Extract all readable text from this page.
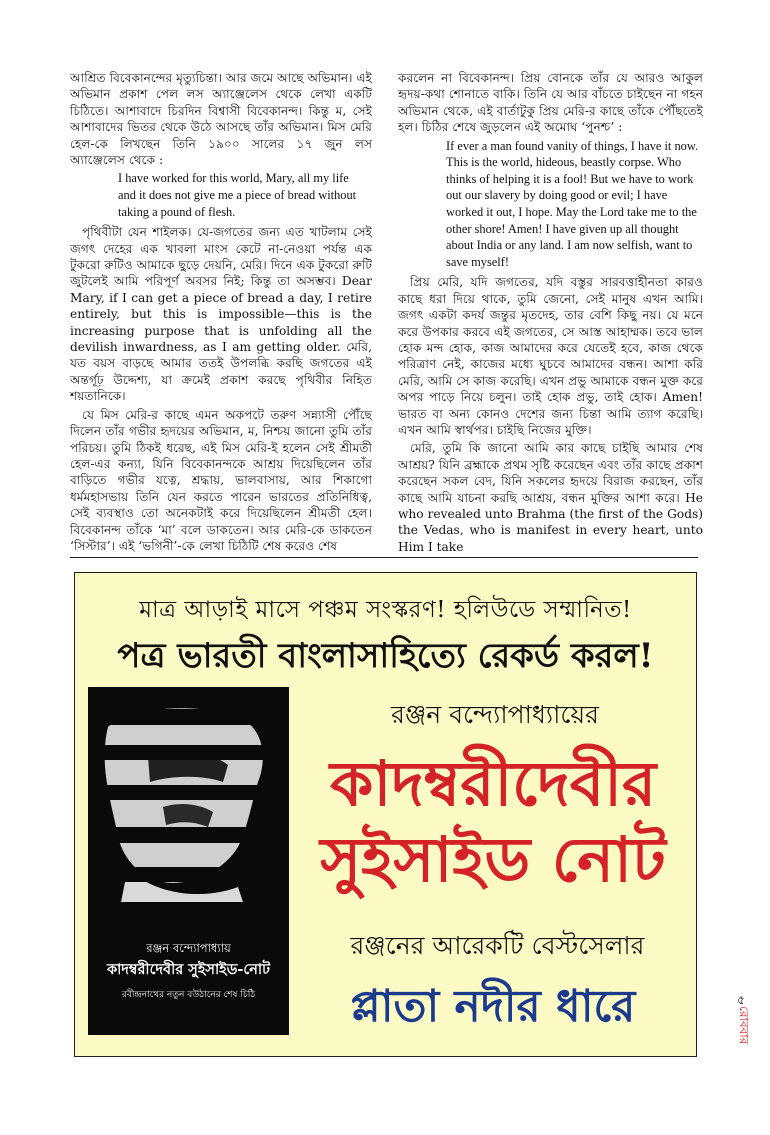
আশ্রিত বিবেকানন্দের মৃত্যুচিন্তা। আর জমে আছে অভিমান। এই অভিমান প্রকাশ পেল লস অ্যাঞ্জেলেস থেকে লেখা একটি চিঠিতে। আশাবাদে চিরদিন বিশ্বাসী বিবেকানন্দ। কিন্তু ম, সেই আশাবাদের ভিতর থেকে উঠে আসছে তাঁর অভিমান। মিস মেরি হেল-কে লিখছেন তিনি ১৯০০ সালের ১৭ জুন লস অ্যাঞ্জেলেস থেকে :

I have worked for this world, Mary, all my life and it does not give me a piece of bread without taking a pound of flesh.

পৃথিবীটা যেন শাইলক। যে-জগতের জন্য এত খাটলাম সেই জগৎ দেহের এক খাবলা মাংস কেটে না-নেওয়া পর্যন্ত এক টুকরো রুটিও আমাকে ছুড়ে দেয়নি, মেরি। দিনে এক টুকরো রুটি জুটলেই আমি পরিপূর্ণ অবসর নিই; কিন্তু তা অসম্ভব। Dear Mary, if I can get a piece of bread a day, I retire entirely, but this is impossible—this is the increasing purpose that is unfolding all the devilish inwardness, as I am getting older. মেরি, যত বয়স বাড়ছে আমার ততই উপলব্ধি করছি জগতের এই অন্তর্গূঢ় উদ্দেশ্য, যা ক্রমেই প্রকাশ করছে পৃথিবীর নিহিত শয়তানিকে।

যে মিস মেরি-র কাছে এমন অকপটে তরুণ সন্ন্যাসী পৌঁছে দিলেন তাঁর গভীর হৃদয়ের অভিমান, ম, নিশ্চয় জানো তুমি তাঁর পরিচয়। তুমি ঠিকই ধরেছ, এই মিস মেরি-ই হলেন সেই শ্রীমতী হেল-এর কন্যা, যিনি বিবেকানন্দকে আশ্রয় দিয়েছিলেন তাঁর বাড়িতে গভীর যত্নে, শ্রদ্ধায়, ভালবাসায়, আর শিকাগো ধর্মমহাসভায় তিনি যেন করতে পারেন ভারতের প্রতিনিধিত্ব, সেই ব্যবস্থাও তো অনেকটাই করে দিয়েছিলেন শ্রীমতী হেল। বিবেকানন্দ তাঁকে ‘মা’ বলে ডাকতেন। আর মেরি-কে ডাকতেন ‘সিস্টার’। এই ‘ভগিনী’-কে লেখা চিঠিটি শেষ করেও শেষ

করলেন না বিবেকানন্দ। প্রিয় বোনকে তাঁর যে আরও আকুল হৃদয়-কথা শোনাতে বাকি। তিনি যে আর বাঁচতে চাইছেন না গহন অভিমান থেকে, এই বার্তাটুকু প্রিয় মেরি-র কাছে তাঁকে পৌঁছতেই হল। চিঠির শেষে জুড়লেন এই অমোঘ ‘পুনশ্চ’ :

If ever a man found vanity of things, I have it now. This is the world, hideous, beastly corpse. Who thinks of helping it is a fool! But we have to work out our slavery by doing good or evil; I have worked it out, I hope. May the Lord take me to the other shore! Amen! I have given up all thought about India or any land. I am now selfish, want to save myself!

প্রিয় মেরি, যদি জগতের, যদি বস্তুর সারবত্তাহীনতা কারও কাছে ধরা দিয়ে থাকে, তুমি জেনো, সেই মানুষ এখন আমি। জগৎ একটা কদর্য জন্তুর মৃতদেহ, তার বেশি কিছু নয়। যে মনে করে উপকার করবে এই জগতের, সে আস্ত আহাম্মক। তবে ভাল হোক মন্দ হোক, কাজ আমাদের করে যেতেই হবে, কাজ থেকে পরিত্রাণ নেই, কাজের মধ্যে ঘুচবে আমাদের বন্ধন। আশা করি মেরি, আমি সে কাজ করেছি। এখন প্রভু আমাকে বন্ধন মুক্ত করে অপর পাড়ে নিয়ে চলুন। তাই হোক প্রভু, তাই হোক। Amen! ভারত বা অন্য কোনও দেশের জন্য চিন্তা আমি ত্যাগ করেছি। এখন আমি স্বার্থপর। চাইছি নিজের মুক্তি।

মেরি, তুমি কি জানো আমি কার কাছে চাইছি আমার শেষ আশ্রয়? যিনি ব্রহ্মাকে প্রথম সৃষ্টি করেছেন এবং তাঁর কাছে প্রকাশ করেছেন সকল বেদ, যিনি সকলের হৃদয়ে বিরাজ করছেন, তাঁর কাছে আমি যাচনা করছি আশ্রয়, বন্ধন মুক্তির আশা করে। He who revealed unto Brahma (the first of the Gods) the Vedas, who is manifest in every heart, unto Him I take

মাত্র আড়াই মাসে পঞ্চম সংস্করণ! হলিউডে সম্মানিত!
পত্র ভারতী বাংলাসাহিত্যে রেকর্ড করল!
রঞ্জন বন্দ্যোপাধ্যায়ের
কাদম্বরীদেবীর
সুইসাইড নোট
রঞ্জনের আরেকটি বেস্টসেলার
প্লাতা নদীর ধারে
রঞ্জন বন্দ্যোপাধ্যায়
কাদম্বরীদেবীর সুইসাইড-নোট
রবীন্দ্রনাথের নতুন বউঠানের শেষ চিঠি
রোববার
৫
